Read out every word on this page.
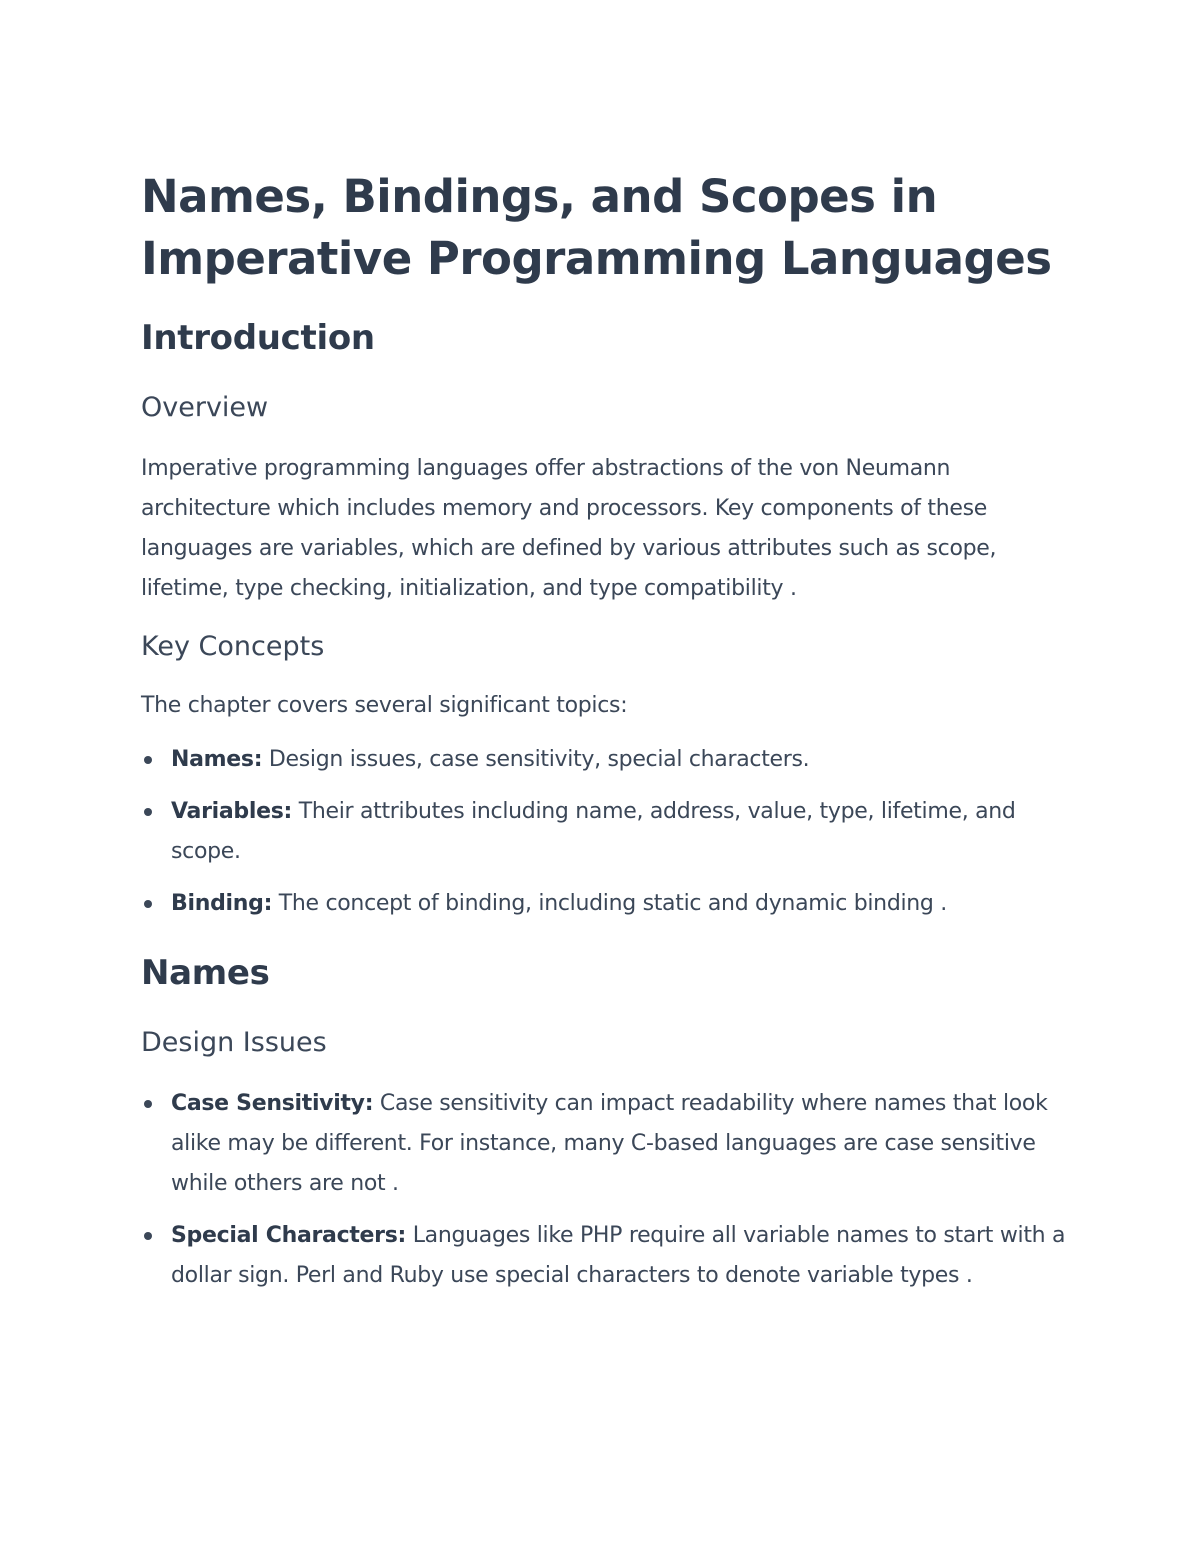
Names, Bindings, and Scopes in Imperative Programming Languages
Introduction
Overview

Imperative programming languages offer abstractions of the von Neumann architecture which includes memory and processors. Key components of these languages are variables, which are defined by various attributes such as scope, lifetime, type checking, initialization, and type compatibility .

Key Concepts

The chapter covers several significant topics:

Names: Design issues, case sensitivity, special characters.
Variables: Their attributes including name, address, value, type, lifetime, and scope.
Binding: The concept of binding, including static and dynamic binding .
Names
Design Issues
Case Sensitivity: Case sensitivity can impact readability where names that look alike may be different. For instance, many C-based languages are case sensitive while others are not .
Special Characters: Languages like PHP require all variable names to start with a dollar sign. Perl and Ruby use special characters to denote variable types .
